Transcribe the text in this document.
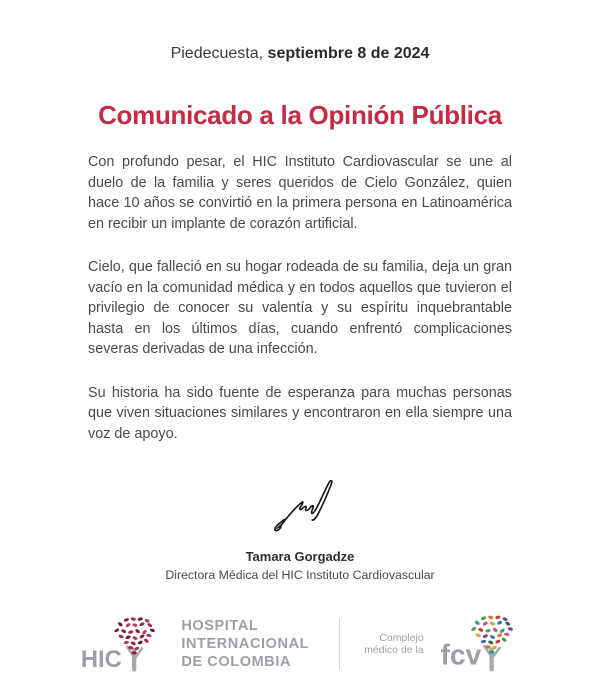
Piedecuesta, septiembre 8 de 2024
Comunicado a la Opinión Pública

Con profundo pesar, el HIC Instituto Cardiovascular se une al duelo de la familia y seres queridos de Cielo González, quien hace 10 años se convirtió en la primera persona en Latinoamérica en recibir un implante de corazón artificial.

Cielo, que falleció en su hogar rodeada de su familia, deja un gran vacío en la comunidad médica y en todos aquellos que tuvieron el privilegio de conocer su valentía y su espíritu inquebrantable hasta en los últimos días, cuando enfrentó complicaciones severas derivadas de una infección.

Su historia ha sido fuente de esperanza para muchas personas que viven situaciones similares y encontraron en ella siempre una voz de apoyo.

Tamara Gorgadze
Directora Médica del HIC Instituto Cardiovascular
HIC
HOSPITAL
INTERNACIONAL
DE COLOMBIA
Complejo
médico de la fcv
